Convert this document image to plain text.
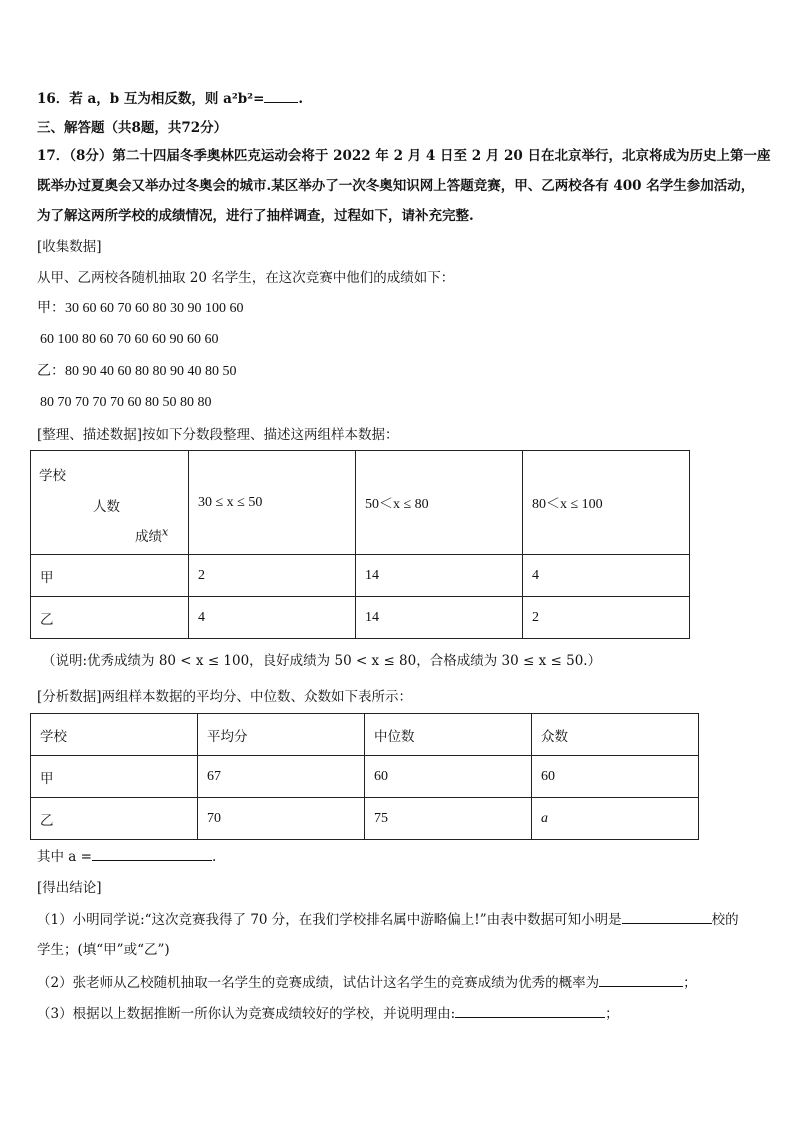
16．若 a，b 互为相反数，则 a²b²=	.
三、解答题（共8题，共72分）
17．（8分）第二十四届冬季奥林匹克运动会将于 2022 年 2 月 4 日至 2 月 20 日在北京举行，北京将成为历史上第一座
既举办过夏奥会又举办过冬奥会的城市.某区举办了一次冬奥知识网上答题竞赛，甲、乙两校各有 400 名学生参加活动，
为了解这两所学校的成绩情况，进行了抽样调查，过程如下，请补充完整.
[收集数据]
从甲、乙两校各随机抽取 20 名学生，在这次竞赛中他们的成绩如下：
甲：30 60 60 70 60 80 30 90 100 60
60 100 80 60 70 60 60 90 60 60
乙：80 90 40 60 80 80 90 40 80 50
80 70 70 70 70 60 80 50 80 80
[整理、描述数据]按如下分数段整理、描述这两组样本数据：
学校
人数
成绩$^x$	30 ≤ x ≤ 50	50＜x ≤ 80	80＜x ≤ 100
甲	2	14	4
乙	4	14	2
（说明:优秀成绩为 80 < x ≤ 100，良好成绩为 50 < x ≤ 80，合格成绩为 30 ≤ x ≤ 50.）
[分析数据]两组样本数据的平均分、中位数、众数如下表所示：
学校	平均分	中位数	众数
甲	67	60	60
乙	70	75	a
其中 a =	.
[得出结论]
（1）小明同学说:“这次竞赛我得了 70 分，在我们学校排名属中游略偏上!”由表中数据可知小明是	校的
学生；(填“甲”或“乙”)
（2）张老师从乙校随机抽取一名学生的竞赛成绩，试估计这名学生的竞赛成绩为优秀的概率为	；
（3）根据以上数据推断一所你认为竞赛成绩较好的学校，并说明理由:	；
